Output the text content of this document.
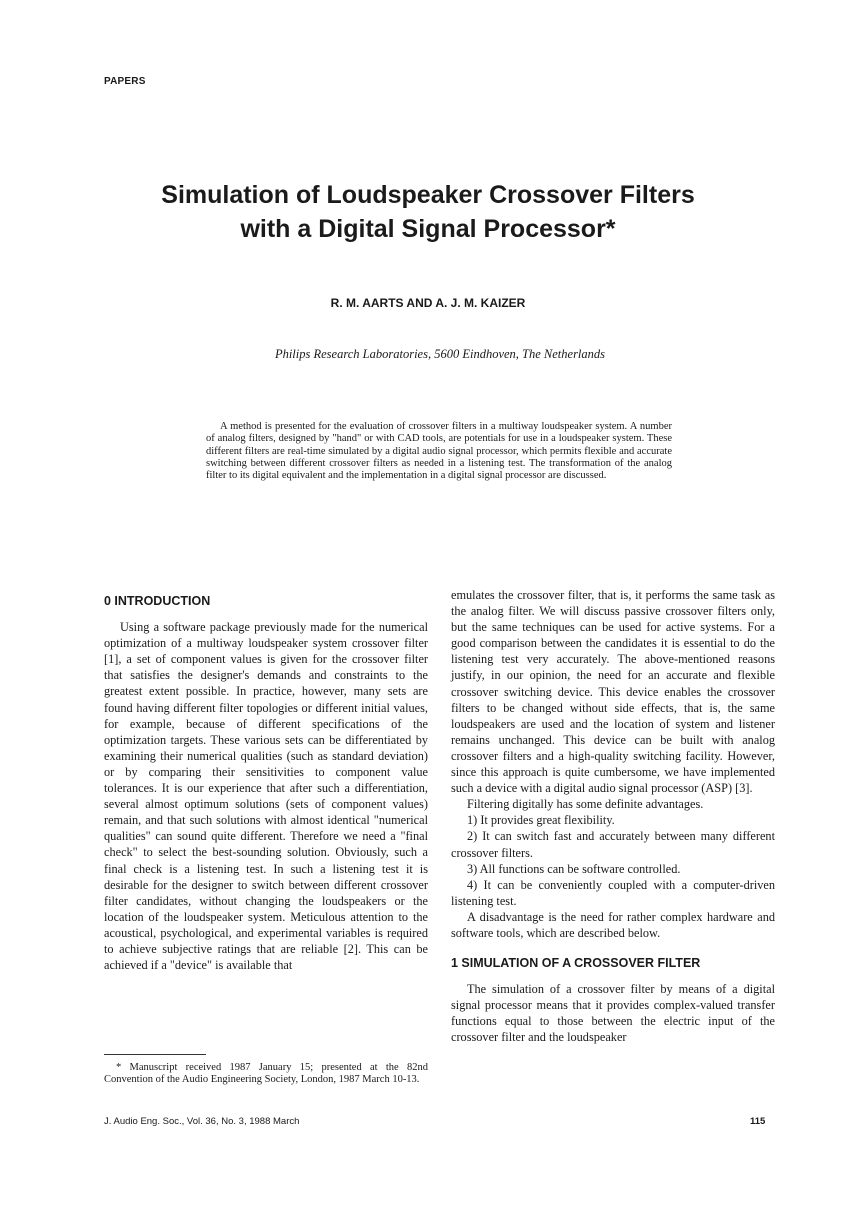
PAPERS
Simulation of Loudspeaker Crossover Filters
with a Digital Signal Processor*
R. M. AARTS AND A. J. M. KAIZER
Philips Research Laboratories, 5600 Eindhoven, The Netherlands
A method is presented for the evaluation of crossover filters in a multiway loudspeaker system. A number of analog filters, designed by "hand" or with CAD tools, are potentials for use in a loudspeaker system. These different filters are real-time simulated by a digital audio signal processor, which permits flexible and accurate switching between different crossover filters as needed in a listening test. The transformation of the analog filter to its digital equivalent and the implementation in a digital signal processor are discussed.
0 INTRODUCTION

Using a software package previously made for the numerical optimization of a multiway loudspeaker system crossover filter [1], a set of component values is given for the crossover filter that satisfies the designer's demands and constraints to the greatest extent possible. In practice, however, many sets are found having different filter topologies or different initial values, for example, because of different specifications of the optimization targets. These various sets can be differentiated by examining their numerical qualities (such as standard deviation) or by comparing their sensitivities to component value tolerances. It is our experience that after such a differentiation, several almost optimum solutions (sets of component values) remain, and that such solutions with almost identical "numerical qualities" can sound quite different. Therefore we need a "final check" to select the best-sounding solution. Obviously, such a final check is a listening test. In such a listening test it is desirable for the designer to switch between different crossover filter candidates, without changing the loudspeakers or the location of the loudspeaker system. Meticulous attention to the acoustical, psychological, and experimental variables is required to achieve subjective ratings that are reliable [2]. This can be achieved if a "device" is available that

emulates the crossover filter, that is, it performs the same task as the analog filter. We will discuss passive crossover filters only, but the same techniques can be used for active systems. For a good comparison between the candidates it is essential to do the listening test very accurately. The above-mentioned reasons justify, in our opinion, the need for an accurate and flexible crossover switching device. This device enables the crossover filters to be changed without side effects, that is, the same loudspeakers are used and the location of system and listener remains unchanged. This device can be built with analog crossover filters and a high-quality switching facility. However, since this approach is quite cumbersome, we have implemented such a device with a digital audio signal processor (ASP) [3].

Filtering digitally has some definite advantages.

1) It provides great flexibility.

2) It can switch fast and accurately between many different crossover filters.

3) All functions can be software controlled.

4) It can be conveniently coupled with a computer-driven listening test.

A disadvantage is the need for rather complex hardware and software tools, which are described below.

1 SIMULATION OF A CROSSOVER FILTER

The simulation of a crossover filter by means of a digital signal processor means that it provides complex-valued transfer functions equal to those between the electric input of the crossover filter and the loudspeaker

* Manuscript received 1987 January 15; presented at the 82nd Convention of the Audio Engineering Society, London, 1987 March 10-13.
J. Audio Eng. Soc., Vol. 36, No. 3, 1988 March	115
